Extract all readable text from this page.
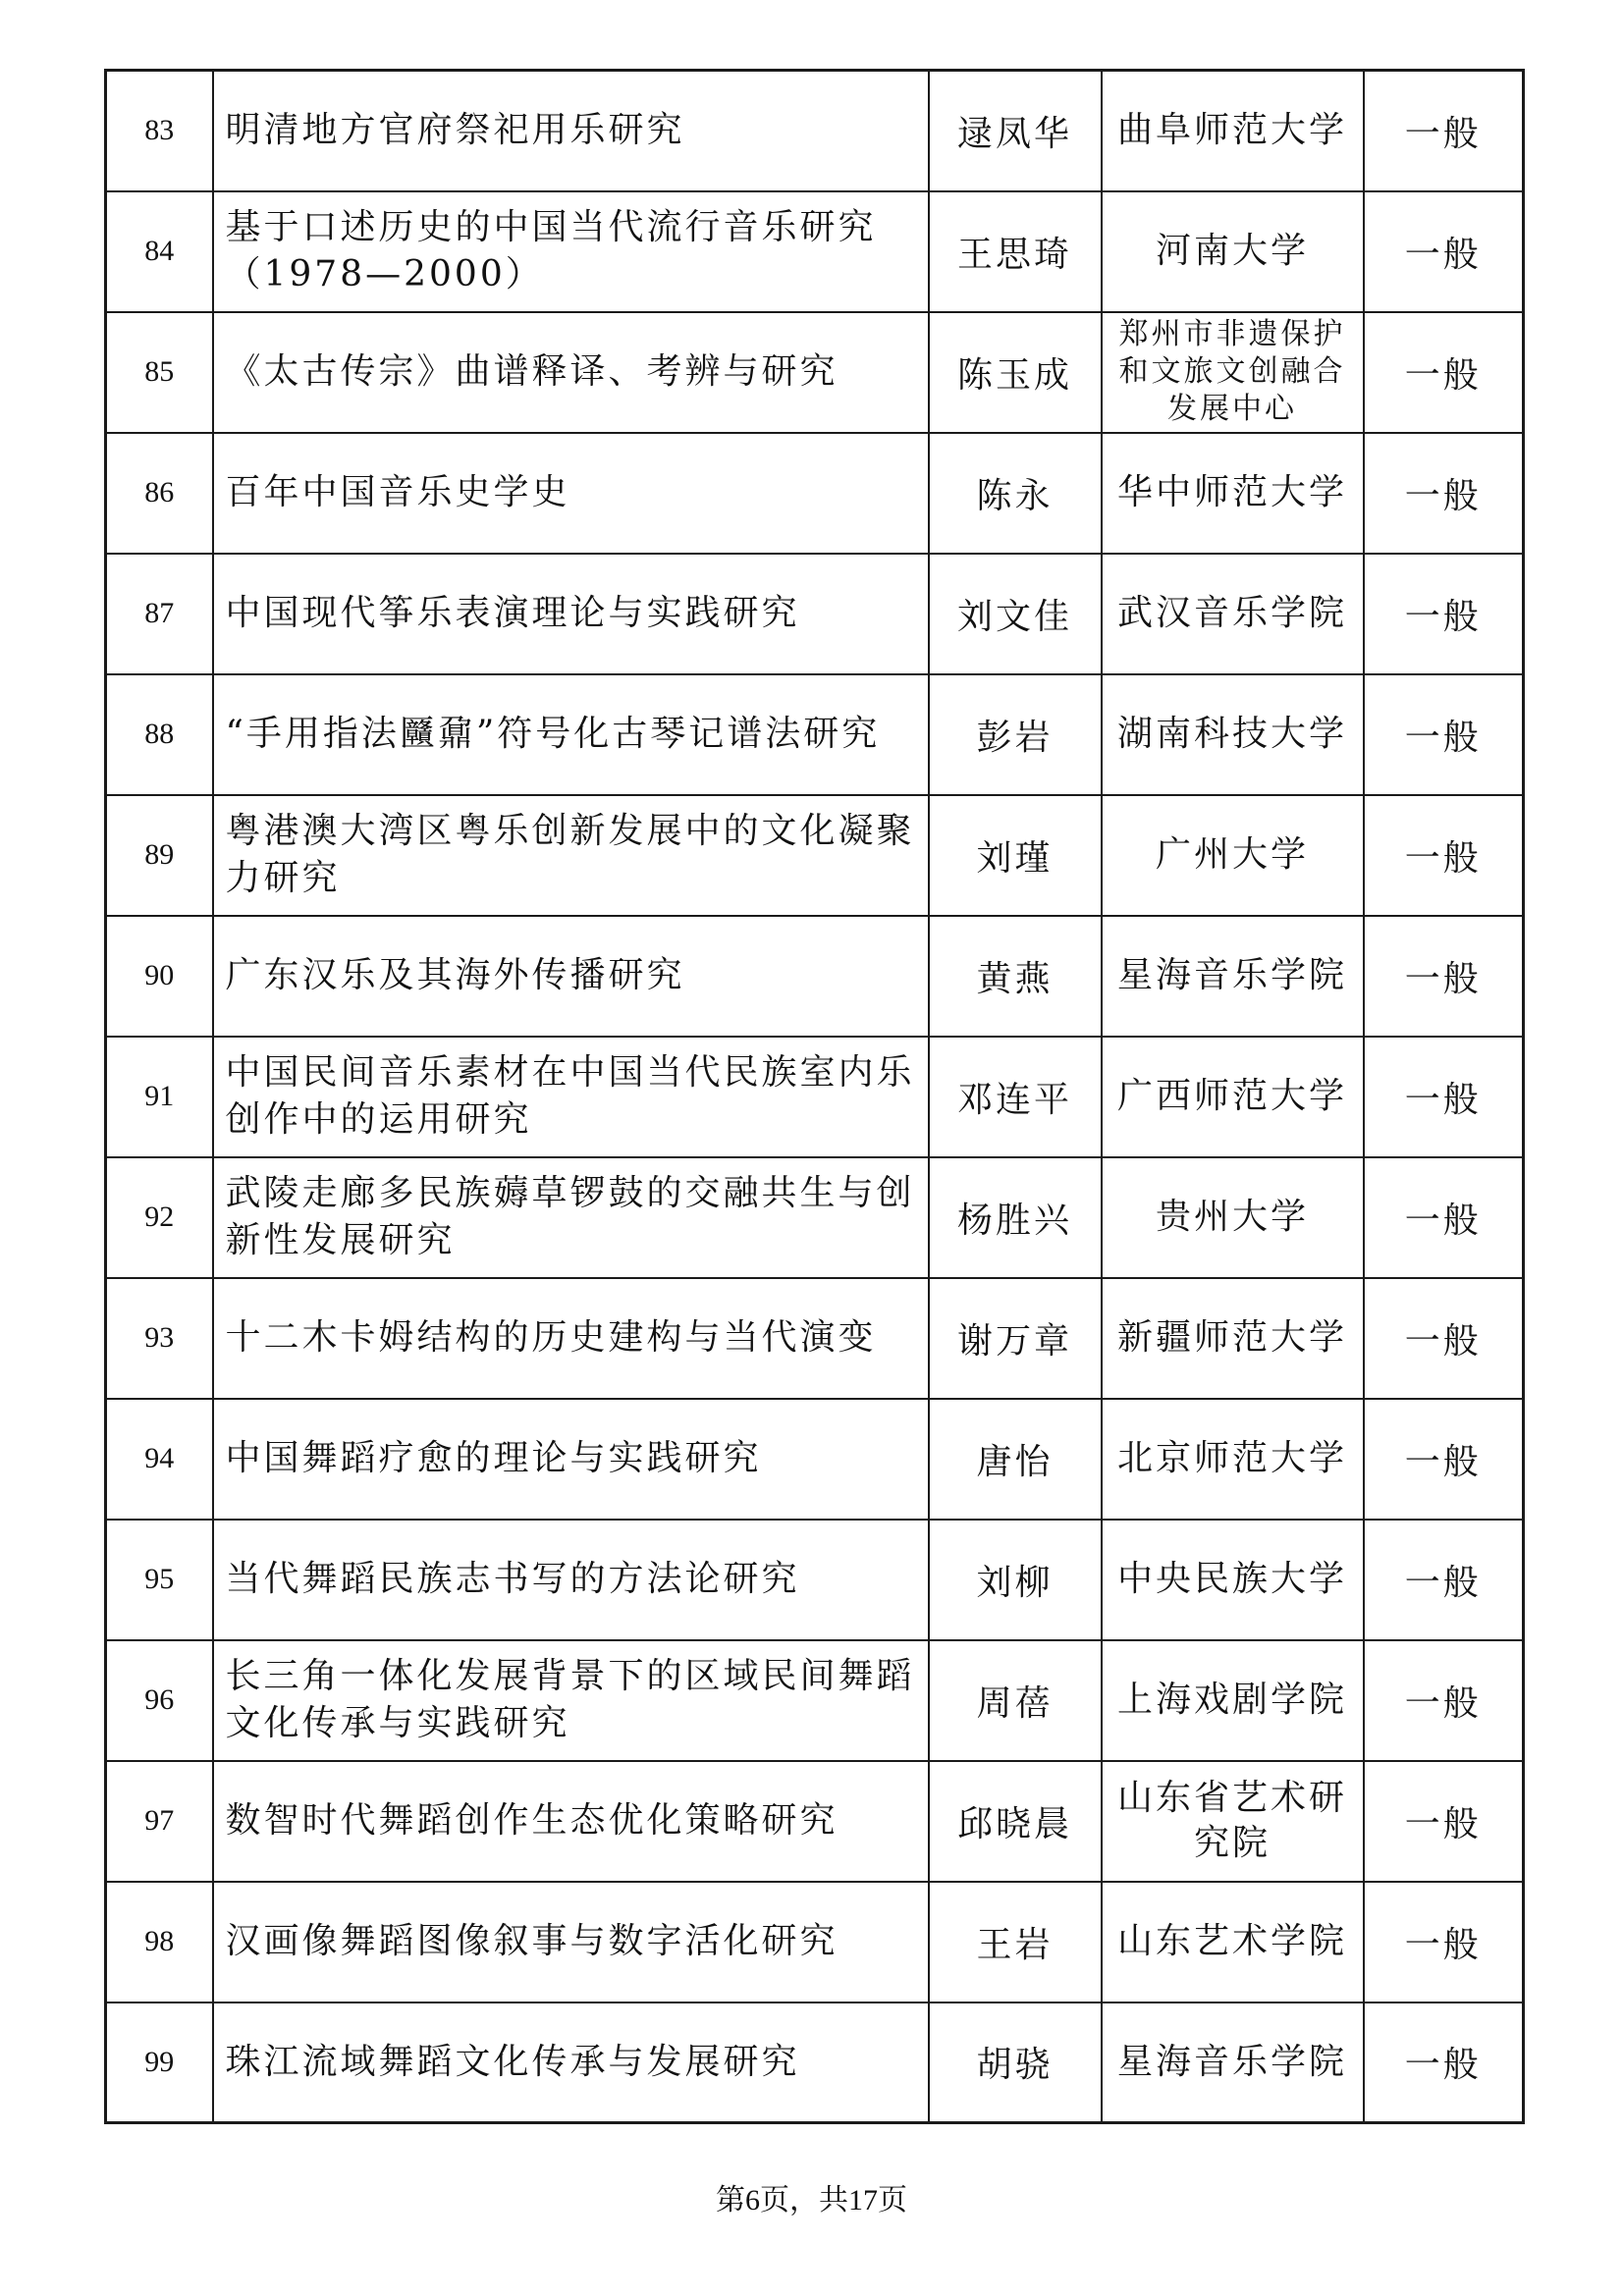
83	明清地方官府祭祀用乐研究	逯凤华	曲阜师范大学	一般
84	基于口述历史的中国当代流行音乐研究（1978—2000）	王思琦	河南大学	一般
85	《太古传宗》曲谱释译、考辨与研究	陈玉成	郑州市非遗保护和文旅文创融合发展中心	一般
86	百年中国音乐史学史	陈永	华中师范大学	一般
87	中国现代筝乐表演理论与实践研究	刘文佳	武汉音乐学院	一般
88	“手用指法㔶鼐”符号化古琴记谱法研究	彭岩	湖南科技大学	一般
89	粤港澳大湾区粤乐创新发展中的文化凝聚力研究	刘瑾	广州大学	一般
90	广东汉乐及其海外传播研究	黄燕	星海音乐学院	一般
91	中国民间音乐素材在中国当代民族室内乐创作中的运用研究	邓连平	广西师范大学	一般
92	武陵走廊多民族薅草锣鼓的交融共生与创新性发展研究	杨胜兴	贵州大学	一般
93	十二木卡姆结构的历史建构与当代演变	谢万章	新疆师范大学	一般
94	中国舞蹈疗愈的理论与实践研究	唐怡	北京师范大学	一般
95	当代舞蹈民族志书写的方法论研究	刘柳	中央民族大学	一般
96	长三角一体化发展背景下的区域民间舞蹈文化传承与实践研究	周蓓	上海戏剧学院	一般
97	数智时代舞蹈创作生态优化策略研究	邱晓晨	山东省艺术研究院	一般
98	汉画像舞蹈图像叙事与数字活化研究	王岩	山东艺术学院	一般
99	珠江流域舞蹈文化传承与发展研究	胡骁	星海音乐学院	一般
第6页，共17页
